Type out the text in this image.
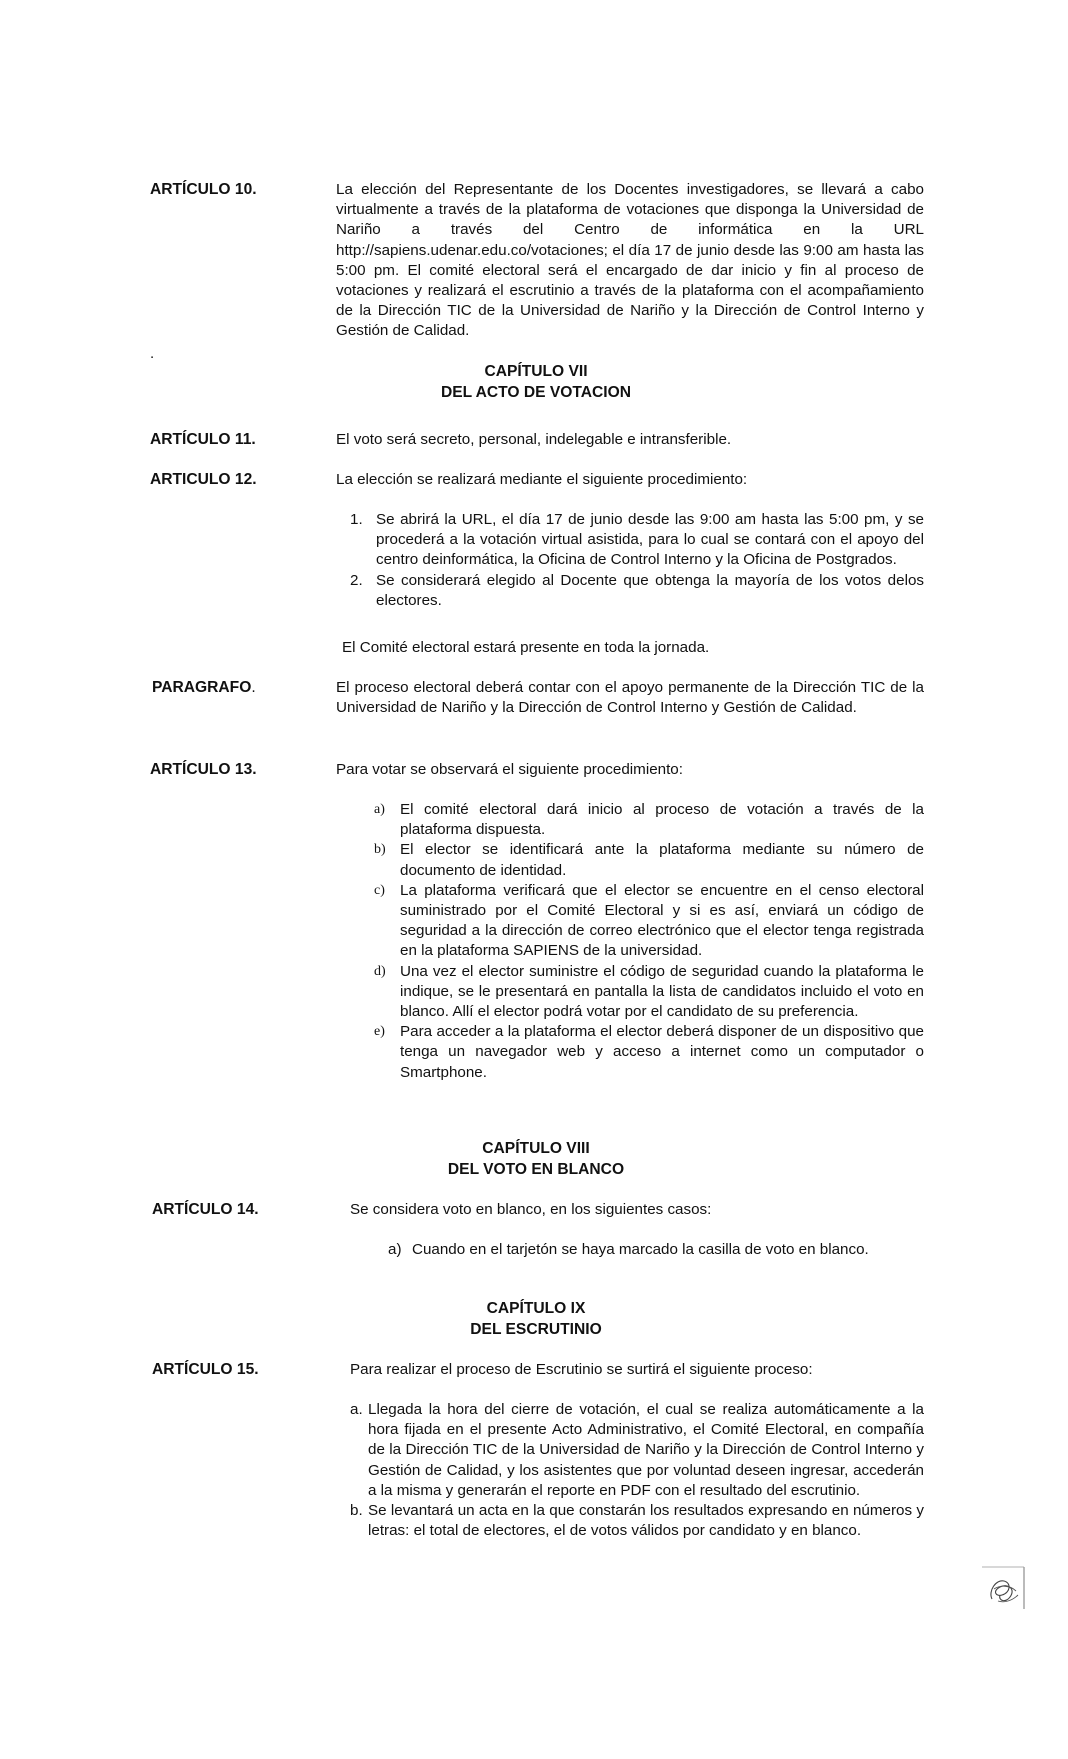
ARTÍCULO 10.	La elección del Representante de los Docentes investigadores, se llevará a cabo virtualmente a través de la plataforma de votaciones que disponga la Universidad de Nariño a través del Centro de informática en la URL http://sapiens.udenar.edu.co/votaciones; el día 17 de junio desde las 9:00 am hasta las 5:00 pm. El comité electoral será el encargado de dar inicio y fin al proceso de votaciones y realizará el escrutinio a través de la plataforma con el acompañamiento de la Dirección TIC de la Universidad de Nariño y la Dirección de Control Interno y Gestión de Calidad.
.
CAPÍTULO VII
DEL ACTO DE VOTACION
ARTÍCULO 11.	El voto será secreto, personal, indelegable e intransferible.
ARTICULO 12.	La elección se realizará mediante el siguiente procedimiento:
1. Se abrirá la URL, el día 17 de junio desde las 9:00 am hasta las 5:00 pm, y se procederá a la votación virtual asistida, para lo cual se contará con el apoyo del centro deinformática, la Oficina de Control Interno y la Oficina de Postgrados.
2. Se considerará elegido al Docente que obtenga la mayoría de los votos delos electores.
El Comité electoral estará presente en toda la jornada.
PARAGRAFO.	El proceso electoral deberá contar con el apoyo permanente de la Dirección TIC de la Universidad de Nariño y la Dirección de Control Interno y Gestión de Calidad.
ARTÍCULO 13.	Para votar se observará el siguiente procedimiento:
a) El comité electoral dará inicio al proceso de votación a través de la plataforma dispuesta.
b) El elector se identificará ante la plataforma mediante su número de documento de identidad.
c) La plataforma verificará que el elector se encuentre en el censo electoral suministrado por el Comité Electoral y si es así, enviará un código de seguridad a la dirección de correo electrónico que el elector tenga registrada en la plataforma SAPIENS de la universidad.
d) Una vez el elector suministre el código de seguridad cuando la plataforma le indique, se le presentará en pantalla la lista de candidatos incluido el voto en blanco. Allí el elector podrá votar por el candidato de su preferencia.
e) Para acceder a la plataforma el elector deberá disponer de un dispositivo que tenga un navegador web y acceso a internet como un computador o Smartphone.
CAPÍTULO VIII
DEL VOTO EN BLANCO
ARTÍCULO 14.	Se considera voto en blanco, en los siguientes casos:
a) Cuando en el tarjetón se haya marcado la casilla de voto en blanco.
CAPÍTULO IX
DEL ESCRUTINIO
ARTÍCULO 15.	Para realizar el proceso de Escrutinio se surtirá el siguiente proceso:
a. Llegada la hora del cierre de votación, el cual se realiza automáticamente a la hora fijada en el presente Acto Administrativo, el Comité Electoral, en compañía de la Dirección TIC de la Universidad de Nariño y la Dirección de Control Interno y Gestión de Calidad, y los asistentes que por voluntad deseen ingresar, accederán a la misma y generarán el reporte en PDF con el resultado del escrutinio.
b. Se levantará un acta en la que constarán los resultados expresando en números y letras: el total de electores, el de votos válidos por candidato y en blanco.
